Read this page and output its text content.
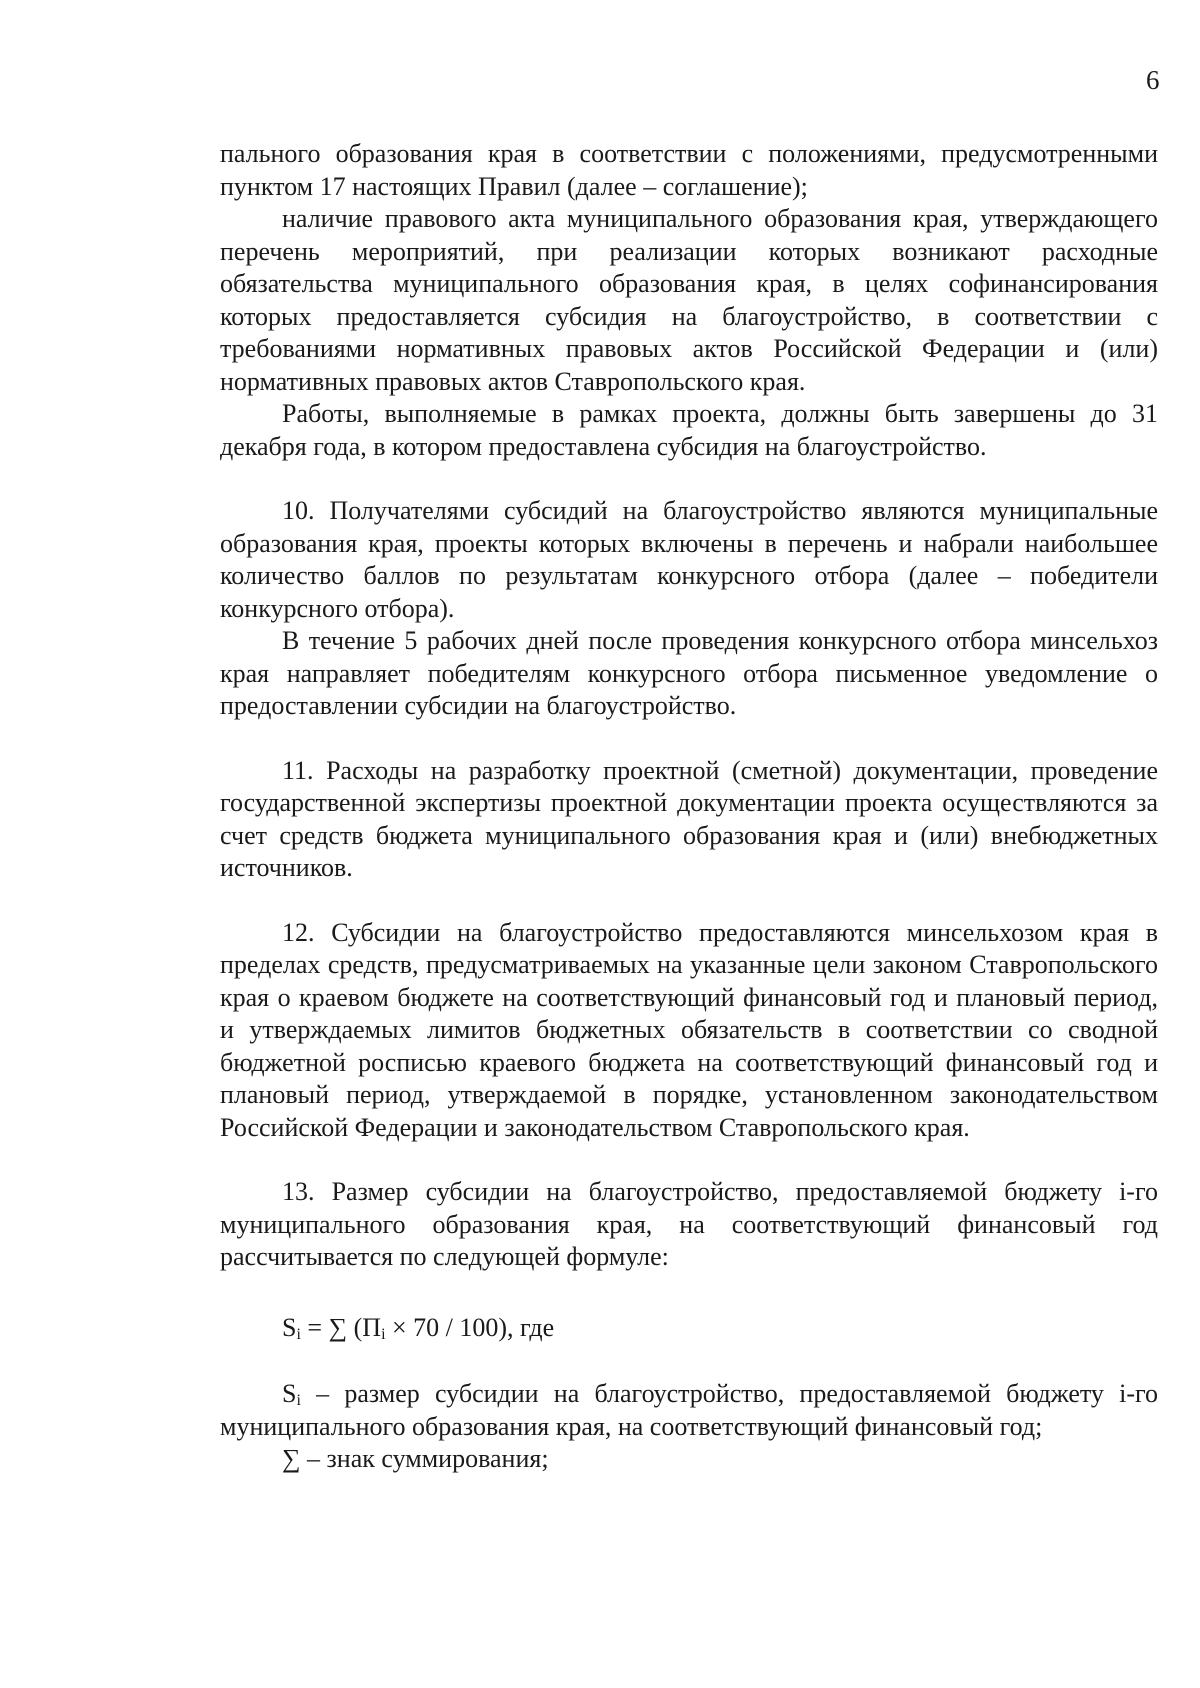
6

пального образования края в соответствии с положениями, предусмотренными пунктом 17 настоящих Правил (далее – соглашение);

наличие правового акта муниципального образования края, утверждающего перечень мероприятий, при реализации которых возникают расходные обязательства муниципального образования края, в целях софинансирования которых предоставляется субсидия на благоустройство, в соответствии с требованиями нормативных правовых актов Российской Федерации и (или) нормативных правовых актов Ставропольского края.

Работы, выполняемые в рамках проекта, должны быть завершены до 31 декабря года, в котором предоставлена субсидия на благоустройство.

10. Получателями субсидий на благоустройство являются муниципальные образования края, проекты которых включены в перечень и набрали наибольшее количество баллов по результатам конкурсного отбора (далее – победители конкурсного отбора).

В течение 5 рабочих дней после проведения конкурсного отбора минсельхоз края направляет победителям конкурсного отбора письменное уведомление о предоставлении субсидии на благоустройство.

11. Расходы на разработку проектной (сметной) документации, проведение государственной экспертизы проектной документации проекта осуществляются за счет средств бюджета муниципального образования края и (или) внебюджетных источников.

12. Субсидии на благоустройство предоставляются минсельхозом края в пределах средств, предусматриваемых на указанные цели законом Ставропольского края о краевом бюджете на соответствующий финансовый год и плановый период, и утверждаемых лимитов бюджетных обязательств в соответствии со сводной бюджетной росписью краевого бюджета на соответствующий финансовый год и плановый период, утверждаемой в порядке, установленном законодательством Российской Федерации и законодательством Ставропольского края.

13. Размер субсидии на благоустройство, предоставляемой бюджету i-го муниципального образования края, на соответствующий финансовый год рассчитывается по следующей формуле:

$S_i$ = ∑ $(П_i \times 70 / 100)$, где

$S_i$ – размер субсидии на благоустройство, предоставляемой бюджету i-го муниципального образования края, на соответствующий финансовый год;

∑ – знак суммирования;
